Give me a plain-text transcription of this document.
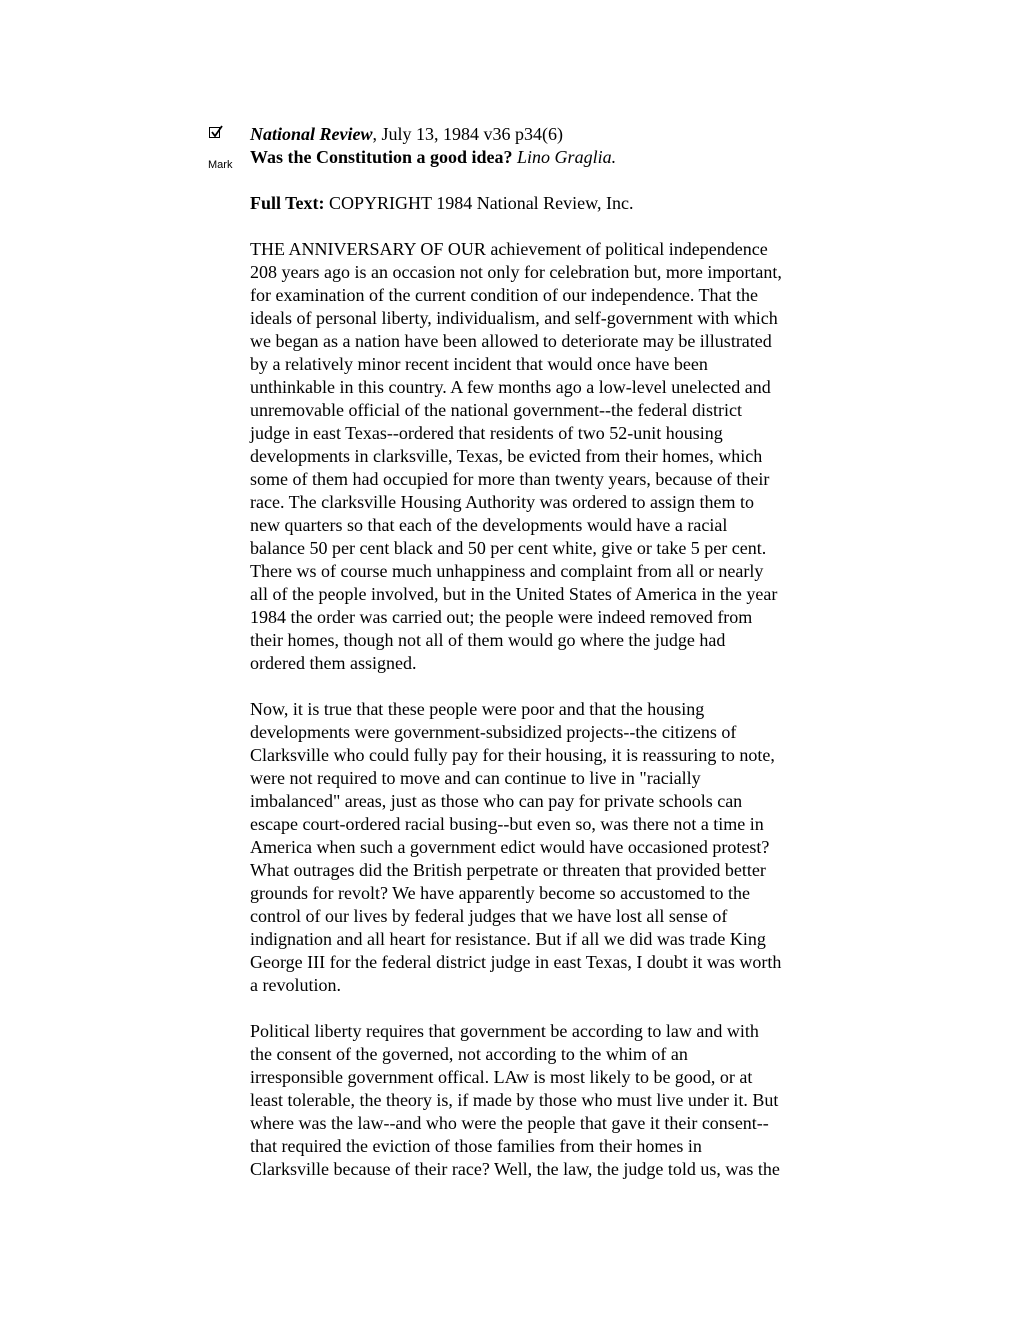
Mark
National Review, July 13, 1984 v36 p34(6)
Was the Constitution a good idea? Lino Graglia.
Full Text: COPYRIGHT 1984 National Review, Inc.
THE ANNIVERSARY OF OUR achievement of political independence
208 years ago is an occasion not only for celebration but, more important,
for examination of the current condition of our independence. That the
ideals of personal liberty, individualism, and self-government with which
we began as a nation have been allowed to deteriorate may be illustrated
by a relatively minor recent incident that would once have been
unthinkable in this country. A few months ago a low-level unelected and
unremovable official of the national government--the federal district
judge in east Texas--ordered that residents of two 52-unit housing
developments in clarksville, Texas, be evicted from their homes, which
some of them had occupied for more than twenty years, because of their
race. The clarksville Housing Authority was ordered to assign them to
new quarters so that each of the developments would have a racial
balance 50 per cent black and 50 per cent white, give or take 5 per cent.
There ws of course much unhappiness and complaint from all or nearly
all of the people involved, but in the United States of America in the year
1984 the order was carried out; the people were indeed removed from
their homes, though not all of them would go where the judge had
ordered them assigned.
Now, it is true that these people were poor and that the housing
developments were government-subsidized projects--the citizens of
Clarksville who could fully pay for their housing, it is reassuring to note,
were not required to move and can continue to live in "racially
imbalanced" areas, just as those who can pay for private schools can
escape court-ordered racial busing--but even so, was there not a time in
America when such a government edict would have occasioned protest?
What outrages did the British perpetrate or threaten that provided better
grounds for revolt? We have apparently become so accustomed to the
control of our lives by federal judges that we have lost all sense of
indignation and all heart for resistance. But if all we did was trade King
George III for the federal district judge in east Texas, I doubt it was worth
a revolution.
Political liberty requires that government be according to law and with
the consent of the governed, not according to the whim of an
irresponsible government offical. LAw is most likely to be good, or at
least tolerable, the theory is, if made by those who must live under it. But
where was the law--and who were the people that gave it their consent--
that required the eviction of those families from their homes in
Clarksville because of their race? Well, the law, the judge told us, was the
